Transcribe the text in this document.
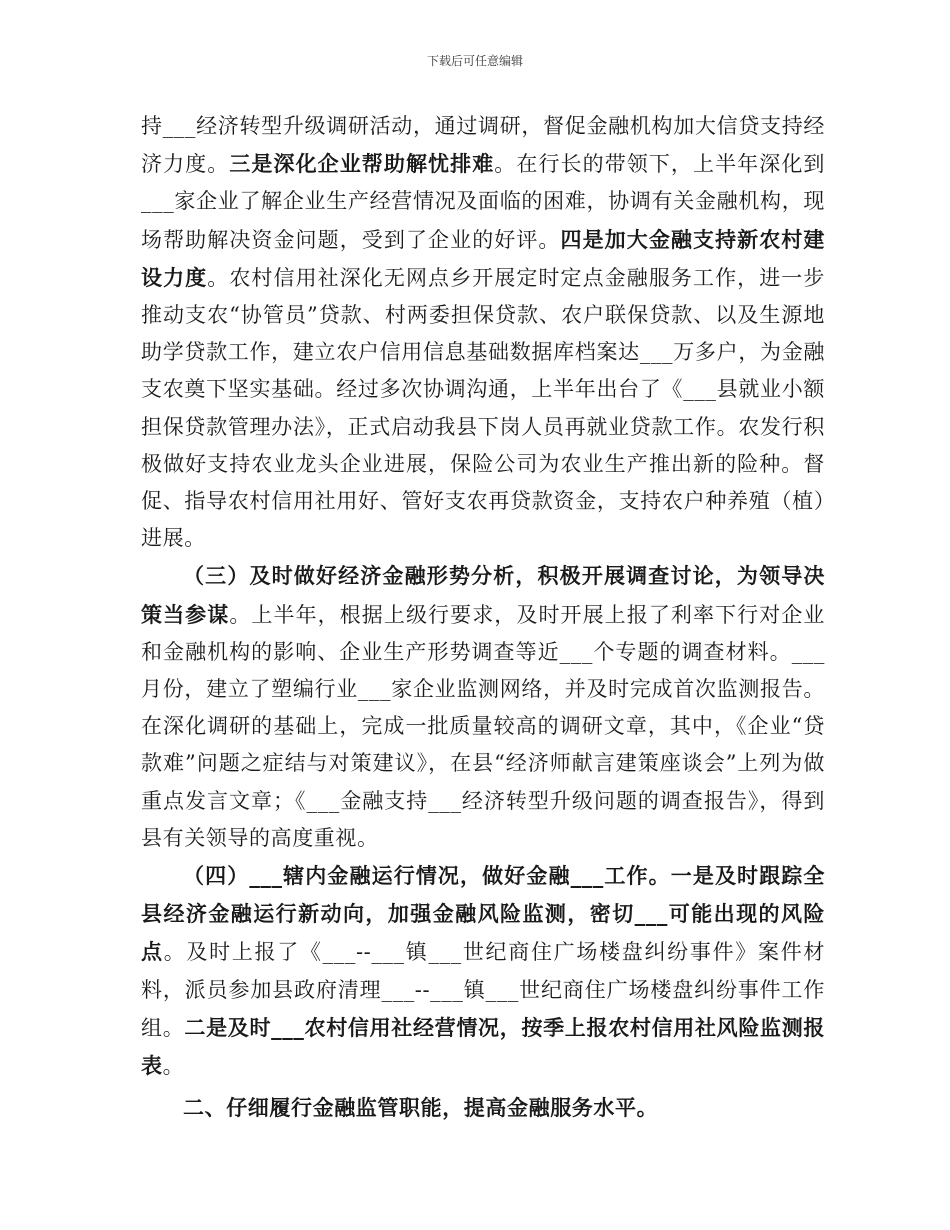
下载后可任意编辑

持___经济转型升级调研活动，通过调研，督促金融机构加大信贷支持经济力度。三是深化企业帮助解忧排难。在行长的带领下，上半年深化到___家企业了解企业生产经营情况及面临的困难，协调有关金融机构，现场帮助解决资金问题，受到了企业的好评。四是加大金融支持新农村建设力度。农村信用社深化无网点乡开展定时定点金融服务工作，进一步推动支农“协管员”贷款、村两委担保贷款、农户联保贷款、以及生源地助学贷款工作，建立农户信用信息基础数据库档案达___万多户，为金融支农奠下坚实基础。经过多次协调沟通，上半年出台了《___县就业小额担保贷款管理办法》，正式启动我县下岗人员再就业贷款工作。农发行积极做好支持农业龙头企业进展，保险公司为农业生产推出新的险种。督促、指导农村信用社用好、管好支农再贷款资金，支持农户种养殖（植）进展。

（三）及时做好经济金融形势分析，积极开展调查讨论，为领导决策当参谋。上半年，根据上级行要求，及时开展上报了利率下行对企业和金融机构的影响、企业生产形势调查等近___个专题的调查材料。___月份，建立了塑编行业___家企业监测网络，并及时完成首次监测报告。在深化调研的基础上，完成一批质量较高的调研文章，其中，《企业“贷款难”问题之症结与对策建议》，在县“经济师献言建策座谈会”上列为做重点发言文章；《___金融支持___经济转型升级问题的调查报告》，得到县有关领导的高度重视。

（四）___辖内金融运行情况，做好金融___工作。一是及时跟踪全县经济金融运行新动向，加强金融风险监测，密切___可能出现的风险点。及时上报了《___--___镇___世纪商住广场楼盘纠纷事件》案件材料，派员参加县政府清理___--___镇___世纪商住广场楼盘纠纷事件工作组。二是及时___农村信用社经营情况，按季上报农村信用社风险监测报表。

二、仔细履行金融监管职能，提高金融服务水平。
